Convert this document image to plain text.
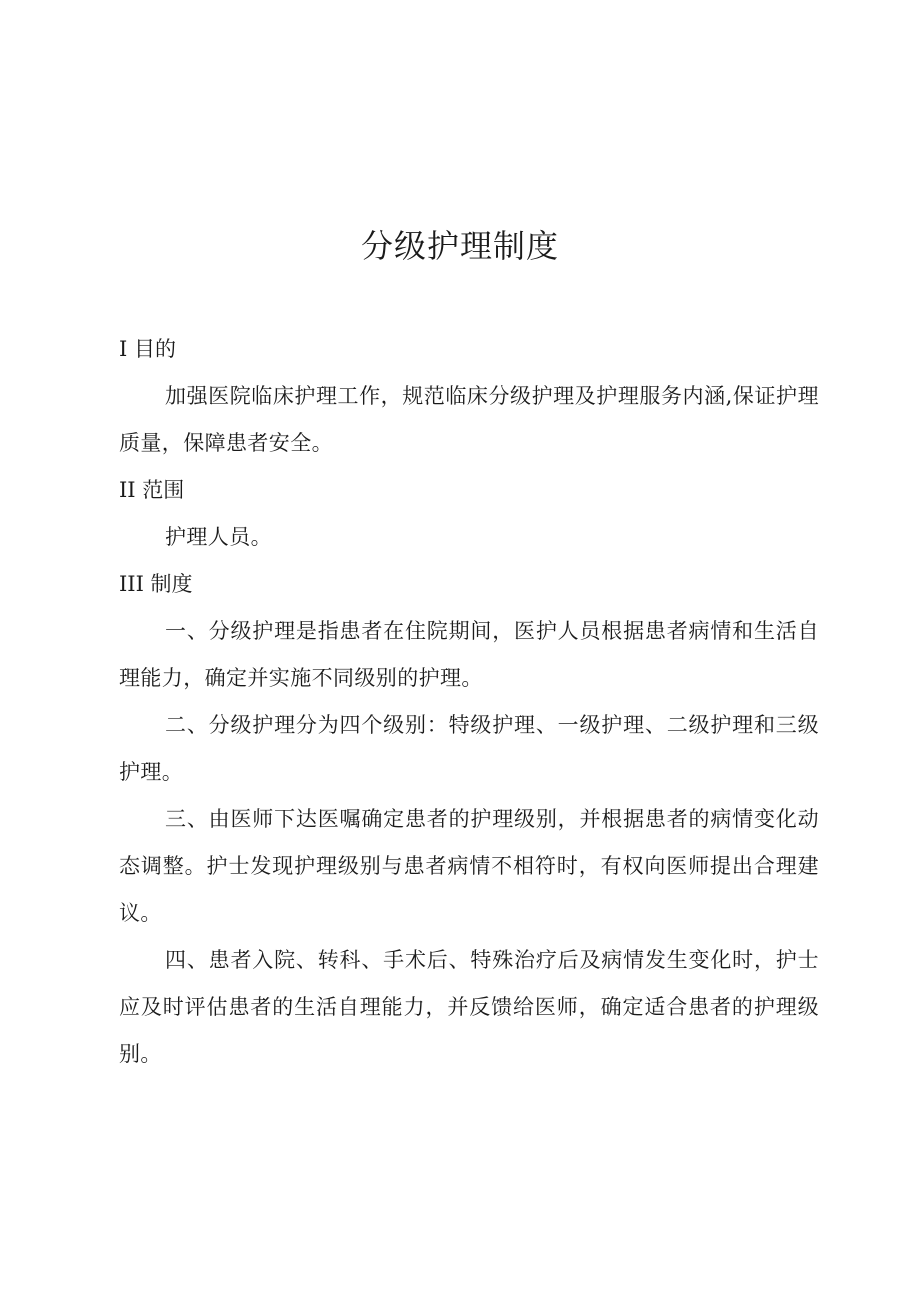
分级护理制度

I 目的

加强医院临床护理工作，规范临床分级护理及护理服务内涵,保证护理质量，保障患者安全。

II 范围

护理人员。

III 制度

一、分级护理是指患者在住院期间，医护人员根据患者病情和生活自理能力，确定并实施不同级别的护理。

二、分级护理分为四个级别：特级护理、一级护理、二级护理和三级护理。

三、由医师下达医嘱确定患者的护理级别，并根据患者的病情变化动态调整。护士发现护理级别与患者病情不相符时，有权向医师提出合理建议。

四、患者入院、转科、手术后、特殊治疗后及病情发生变化时，护士应及时评估患者的生活自理能力，并反馈给医师，确定适合患者的护理级别。
